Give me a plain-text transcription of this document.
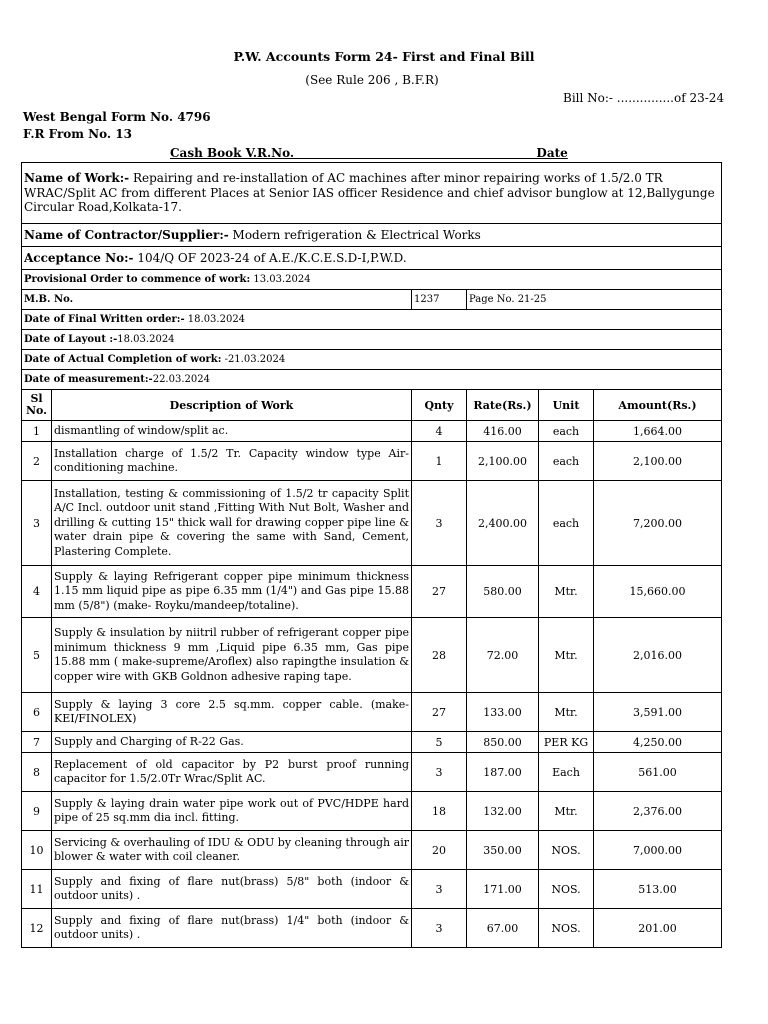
P.W. Accounts Form 24- First and Final Bill
(See Rule 206 , B.F.R)
Bill No:- ...............of 23-24
West Bengal Form No. 4796
F.R From No. 13
Cash Book V.R.No.                                                          Date
Name of Work:- Repairing and re-installation of AC machines after minor repairing works of 1.5/2.0 TR WRAC/Split AC from different Places at Senior IAS officer Residence and chief advisor bunglow at 12,Ballygunge Circular Road,Kolkata-17.					
Name of Contractor/Supplier:- Modern refrigeration & Electrical Works					
Acceptance No:- 104/Q OF 2023-24 of A.E./K.C.E.S.D-I,P.W.D.					
Provisional Order to commence of work: 13.03.2024					
M.B. No.		1237	Page No. 21-25		
Date of Final Written order:- 18.03.2024					
Date of Layout :-18.03.2024					
Date of Actual Completion of work: -21.03.2024					
Date of measurement:-22.03.2024					
Sl No.	Description of Work	Qnty	Rate(Rs.)	Unit	Amount(Rs.)
1	dismantling of window/split ac.	4	416.00	each	1,664.00
2	Installation charge of 1.5/2 Tr. Capacity window type Air-conditioning machine.	1	2,100.00	each	2,100.00
3	Installation, testing & commissioning of 1.5/2 tr capacity Split A/C Incl. outdoor unit stand ,Fitting With Nut Bolt, Washer and drilling & cutting 15" thick wall for drawing copper pipe line & water drain pipe & covering the same with Sand, Cement, Plastering Complete.	3	2,400.00	each	7,200.00
4	Supply & laying Refrigerant copper pipe minimum thickness 1.15 mm liquid pipe as pipe 6.35 mm (1/4") and Gas pipe 15.88 mm (5/8") (make- Royku/mandeep/totaline).	27	580.00	Mtr.	15,660.00
5	Supply & insulation by niitril rubber of refrigerant copper pipe minimum thickness 9 mm ,Liquid pipe 6.35 mm, Gas pipe 15.88 mm ( make-supreme/Aroflex) also rapingthe insulation & copper wire with GKB Goldnon adhesive raping tape.	28	72.00	Mtr.	2,016.00
6	Supply & laying 3 core 2.5 sq.mm. copper cable. (make-KEI/FINOLEX)	27	133.00	Mtr.	3,591.00
7	Supply and Charging of R-22 Gas.	5	850.00	PER KG	4,250.00
8	Replacement of old capacitor by P2 burst proof running capacitor for 1.5/2.0Tr Wrac/Split AC.	3	187.00	Each	561.00
9	Supply & laying drain water pipe work out of PVC/HDPE hard pipe of 25 sq.mm dia incl. fitting.	18	132.00	Mtr.	2,376.00
10	Servicing & overhauling of IDU & ODU by cleaning through air blower & water with coil cleaner.	20	350.00	NOS.	7,000.00
11	Supply and fixing of flare nut(brass) 5/8" both (indoor & outdoor units) .	3	171.00	NOS.	513.00
12	Supply and fixing of flare nut(brass) 1/4" both (indoor & outdoor units) .	3	67.00	NOS.	201.00
